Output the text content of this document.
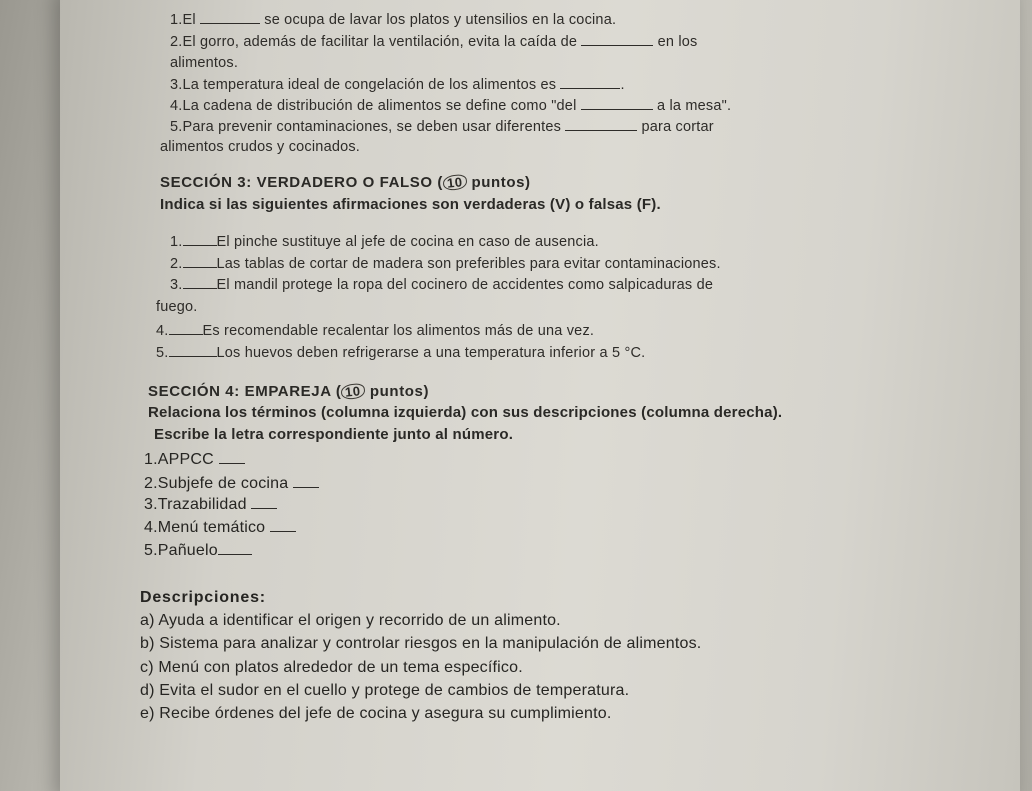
1.El	se ocupa de lavar los platos y utensilios en la cocina.
2.El gorro, además de facilitar la ventilación, evita la caída de	en los
alimentos.
3.La temperatura ideal de congelación de los alimentos es	.
4.La cadena de distribución de alimentos se define como "del	a la mesa".
5.Para prevenir contaminaciones, se deben usar diferentes	para cortar
alimentos crudos y cocinados.
SECCIÓN 3: VERDADERO O FALSO ( 10 puntos)
Indica si las siguientes afirmaciones son verdaderas (V) o falsas (F).
1. El pinche sustituye al jefe de cocina en caso de ausencia.
2. Las tablas de cortar de madera son preferibles para evitar contaminaciones.
3. El mandil protege la ropa del cocinero de accidentes como salpicaduras de
fuego.
4. Es recomendable recalentar los alimentos más de una vez.
5.	Los huevos deben refrigerarse a una temperatura inferior a 5 °C.
SECCIÓN 4: EMPAREJA ( 10 puntos)
Relaciona los términos (columna izquierda) con sus descripciones (columna derecha).
Escribe la letra correspondiente junto al número.
1.APPCC
2.Subjefe de cocina
3.Trazabilidad
4.Menú temático
5.Pañuelo
Descripciones:
a) Ayuda a identificar el origen y recorrido de un alimento.
b) Sistema para analizar y controlar riesgos en la manipulación de alimentos.
c) Menú con platos alrededor de un tema específico.
d) Evita el sudor en el cuello y protege de cambios de temperatura.
e) Recibe órdenes del jefe de cocina y asegura su cumplimiento.
